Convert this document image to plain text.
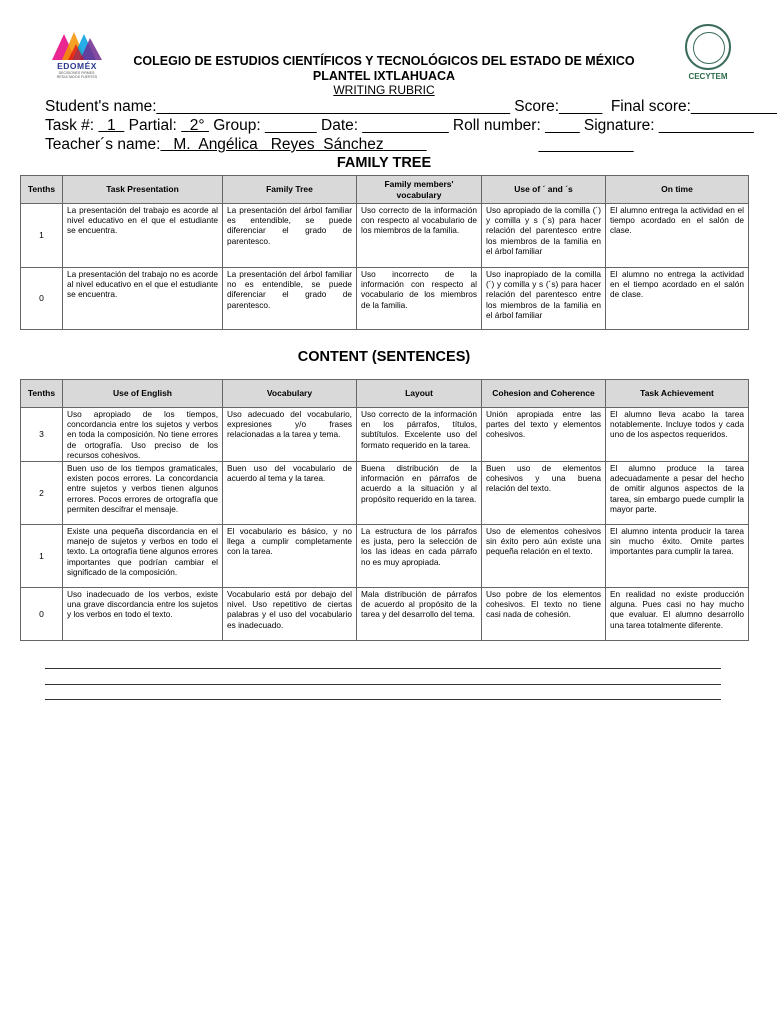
EDOMÉX
DECISIONES FIRMES, RESULTADOS FUERTES	CECYTEM
COLEGIO DE ESTUDIOS CIENTÍFICOS Y TECNOLÓGICOS DEL ESTADO DE MÉXICO
PLANTEL IXTLAHUACA
WRITING RUBRIC
Student's name:_________________________________________ Score:_____ Final score:__________
Task #: 1 Partial: 2° Group: ______ Date: __________ Roll number: ____ Signature: ___________
Teacher´s name: M.  Angélica   Reyes  Sánchez	___________
FAMILY TREE
Tenths	Task Presentation	Family Tree	Family members' vocabulary	Use of ´ and ´s	On time
1	La presentación del trabajo es acorde al nivel educativo en el que el estudiante se encuentra.	La presentación del árbol familiar es entendible, se puede diferenciar el grado de parentesco.	Uso correcto de la información con respecto al vocabulario de los miembros de la familia.	Uso apropiado de la comilla (´) y comilla y s (´s) para hacer relación del parentesco entre los miembros de la familia en el árbol familiar	El alumno entrega la actividad en el tiempo acordado en el salón de clase.
0	La presentación del trabajo no es acorde al nivel educativo en el que el estudiante se encuentra.	La presentación del árbol familiar no es entendible, se puede diferenciar el grado de parentesco.	Uso incorrecto de la información con respecto al vocabulario de los miembros de la familia.	Uso inapropiado de la comilla (´) y comilla y s (´s) para hacer relación del parentesco entre los miembros de la familia en el árbol familiar	El alumno no entrega la actividad en el tiempo acordado en el salón de clase.
CONTENT (SENTENCES)
Tenths	Use of English	Vocabulary	Layout	Cohesion and Coherence	Task Achievement
3	Uso apropiado de los tiempos, concordancia entre los sujetos y verbos en toda la composición. No tiene errores de ortografía. Uso preciso de los recursos cohesivos.	Uso adecuado del vocabulario, expresiones y/o frases relacionadas a la tarea y tema.	Uso correcto de la información en los párrafos, títulos, subtítulos. Excelente uso del formato requerido en la tarea.	Unión apropiada entre las partes del texto y elementos cohesivos.	El alumno lleva acabo la tarea notablemente. Incluye todos y cada uno de los aspectos requeridos.
2	Buen uso de los tiempos gramaticales, existen pocos errores. La concordancia entre sujetos y verbos tienen algunos errores. Pocos errores de ortografía que permiten descifrar el mensaje.	Buen uso del vocabulario de acuerdo al tema y la tarea.	Buena distribución de la información en párrafos de acuerdo a la situación y al propósito requerido en la tarea.	Buen uso de elementos cohesivos y una buena relación del texto.	El alumno produce la tarea adecuadamente a pesar del hecho de omitir algunos aspectos de la tarea, sin embargo puede cumplir la mayor parte.
1	Existe una pequeña discordancia en el manejo de sujetos y verbos en todo el texto. La ortografía tiene algunos errores importantes que podrían cambiar el significado de la composición.	El vocabulario es básico, y no llega a cumplir completamente con la tarea.	La estructura de los párrafos es justa, pero la selección de los las ideas en cada párrafo no es muy apropiada.	Uso de elementos cohesivos sin éxito pero aún existe una pequeña relación en el texto.	El alumno intenta producir la tarea sin mucho éxito. Omite partes importantes para cumplir la tarea.
0	Uso inadecuado de los verbos, existe una grave discordancia entre los sujetos y los verbos en todo el texto.	Vocabulario está por debajo del nivel. Uso repetitivo de ciertas palabras y el uso del vocabulario es inadecuado.	Mala distribución de párrafos de acuerdo al propósito de la tarea y del desarrollo del tema.	Uso pobre de los elementos cohesivos. El texto no tiene casi nada de cohesión.	En realidad no existe producción alguna. Pues casi no hay mucho que evaluar. El alumno desarrollo una tarea totalmente diferente.
